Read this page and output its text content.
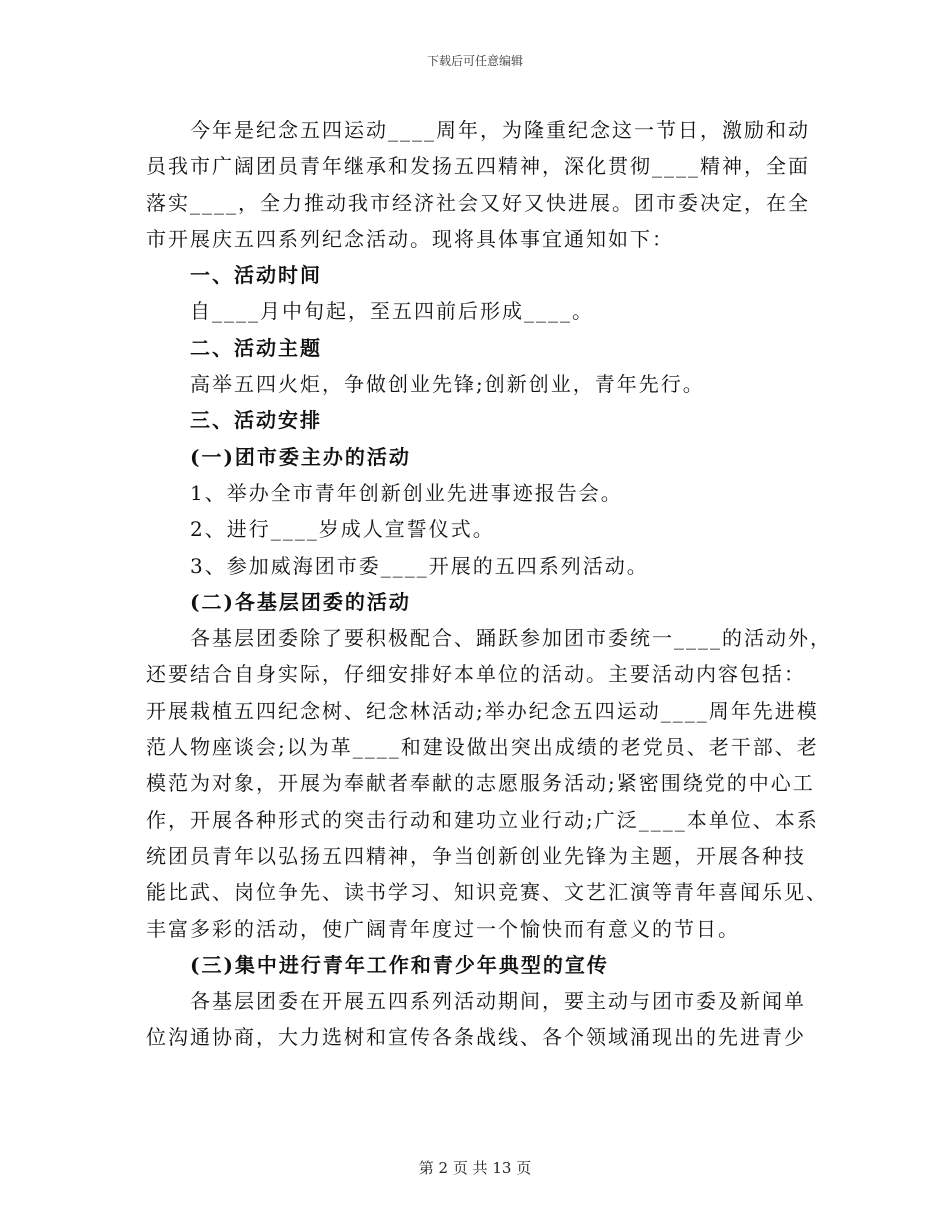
下载后可任意编辑
今年是纪念五四运动____周年，为隆重纪念这一节日，激励和动
员我市广阔团员青年继承和发扬五四精神，深化贯彻____精神，全面
落实____，全力推动我市经济社会又好又快进展。团市委决定，在全
市开展庆五四系列纪念活动。现将具体事宜通知如下：
一、活动时间
自____月中旬起，至五四前后形成____。
二、活动主题
高举五四火炬，争做创业先锋;创新创业，青年先行。
三、活动安排
(一)团市委主办的活动
1、举办全市青年创新创业先进事迹报告会。
2、进行____岁成人宣誓仪式。
3、参加威海团市委____开展的五四系列活动。
(二)各基层团委的活动
各基层团委除了要积极配合、踊跃参加团市委统一____的活动外，
还要结合自身实际，仔细安排好本单位的活动。主要活动内容包括：
开展栽植五四纪念树、纪念林活动;举办纪念五四运动____周年先进模
范人物座谈会;以为革____和建设做出突出成绩的老党员、老干部、老
模范为对象，开展为奉献者奉献的志愿服务活动;紧密围绕党的中心工
作，开展各种形式的突击行动和建功立业行动;广泛____本单位、本系
统团员青年以弘扬五四精神，争当创新创业先锋为主题，开展各种技
能比武、岗位争先、读书学习、知识竞赛、文艺汇演等青年喜闻乐见、
丰富多彩的活动，使广阔青年度过一个愉快而有意义的节日。
(三)集中进行青年工作和青少年典型的宣传
各基层团委在开展五四系列活动期间，要主动与团市委及新闻单
位沟通协商，大力选树和宣传各条战线、各个领域涌现出的先进青少
第 2 页 共 13 页
